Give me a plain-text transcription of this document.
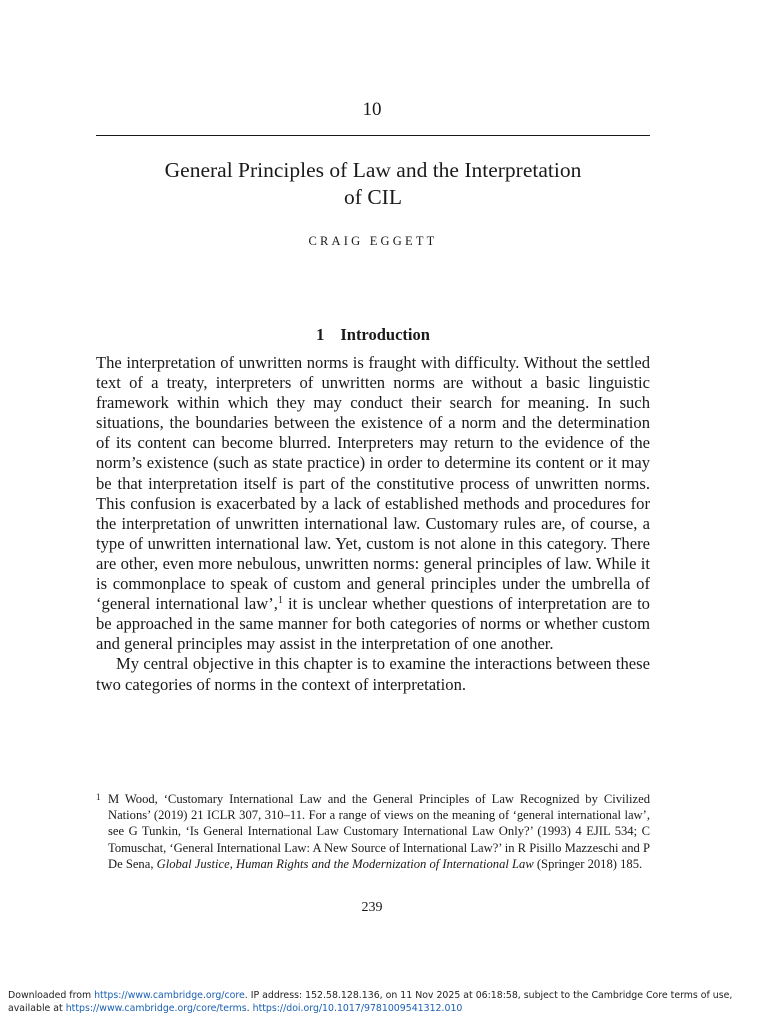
10
General Principles of Law and the Interpretation
of CIL
CRAIG EGGETT
1 Introduction

The interpretation of unwritten norms is fraught with difficulty. Without the settled text of a treaty, interpreters of unwritten norms are without a basic linguistic framework within which they may conduct their search for meaning. In such situations, the boundaries between the existence of a norm and the determination of its content can become blurred. Interpreters may return to the evidence of the norm’s existence (such as state practice) in order to determine its content or it may be that interpretation itself is part of the constitutive process of unwritten norms. This confusion is exacerbated by a lack of established methods and procedures for the interpretation of unwritten international law. Customary rules are, of course, a type of unwritten international law. Yet, custom is not alone in this category. There are other, even more nebulous, unwritten norms: general principles of law. While it is commonplace to speak of custom and general principles under the umbrella of ‘general international law’,$^1$ it is unclear whether questions of interpretation are to be approached in the same manner for both categories of norms or whether custom and general principles may assist in the interpretation of one another.

My central objective in this chapter is to examine the interactions between these two categories of norms in the context of interpretation.

1 M Wood, ‘Customary International Law and the General Principles of Law Recognized by Civilized Nations’ (2019) 21 ICLR 307, 310–11. For a range of views on the meaning of ‘general international law’, see G Tunkin, ‘Is General International Law Customary International Law Only?’ (1993) 4 EJIL 534; C Tomuschat, ‘General International Law: A New Source of International Law?’ in R Pisillo Mazzeschi and P De Sena, Global Justice, Human Rights and the Modernization of International Law (Springer 2018) 185.
239
Downloaded from https://www.cambridge.org/core. IP address: 152.58.128.136, on 11 Nov 2025 at 06:18:58, subject to the Cambridge Core terms of use, available at https://www.cambridge.org/core/terms. https://doi.org/10.1017/9781009541312.010
